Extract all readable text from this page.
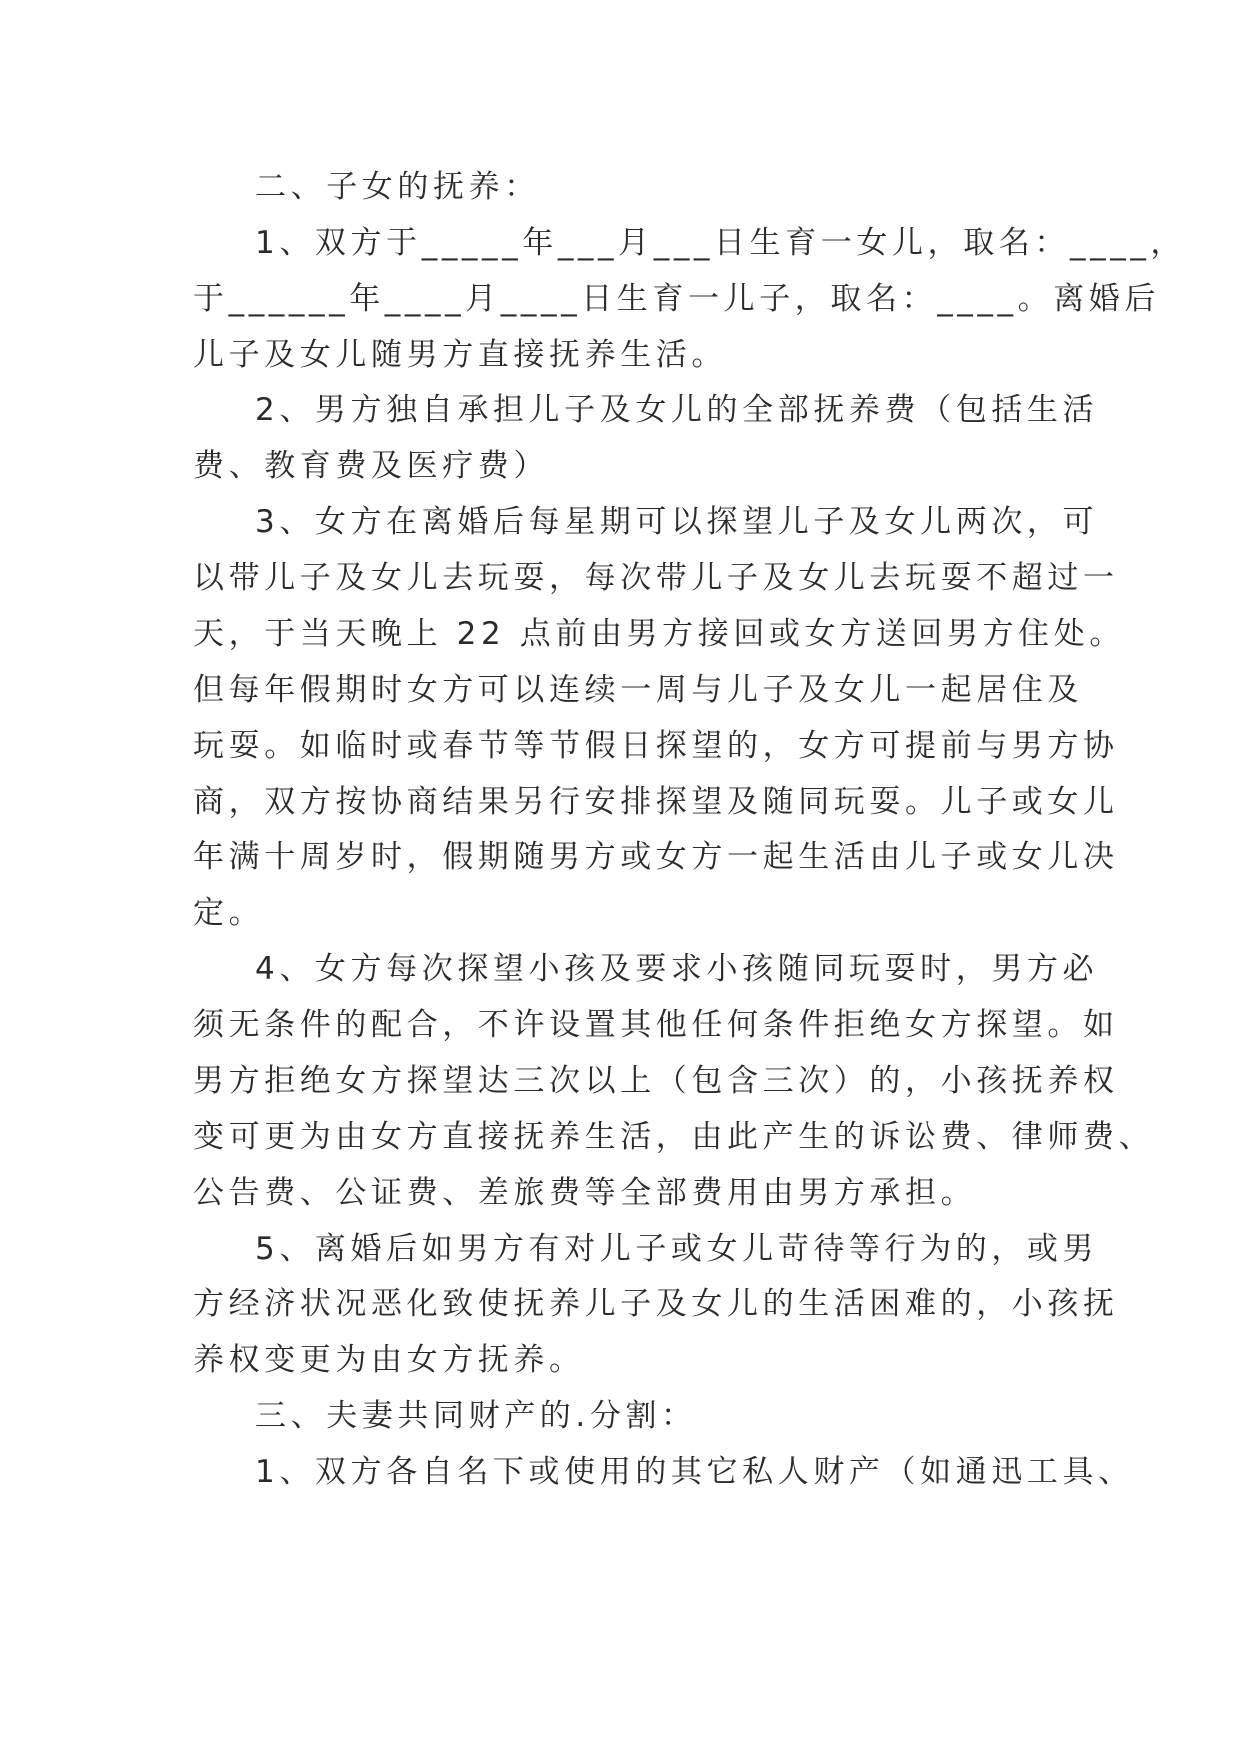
二、子女的抚养：

1、双方于_____年___月___日生育一女儿，取名：____，

于______年____月____日生育一儿子，取名：____。离婚后

儿子及女儿随男方直接抚养生活。

2、男方独自承担儿子及女儿的全部抚养费（包括生活

费、教育费及医疗费）

3、女方在离婚后每星期可以探望儿子及女儿两次，可

以带儿子及女儿去玩耍，每次带儿子及女儿去玩耍不超过一

天，于当天晚上 22 点前由男方接回或女方送回男方住处。

但每年假期时女方可以连续一周与儿子及女儿一起居住及

玩耍。如临时或春节等节假日探望的，女方可提前与男方协

商，双方按协商结果另行安排探望及随同玩耍。儿子或女儿

年满十周岁时，假期随男方或女方一起生活由儿子或女儿决

定。

4、女方每次探望小孩及要求小孩随同玩耍时，男方必

须无条件的配合，不许设置其他任何条件拒绝女方探望。如

男方拒绝女方探望达三次以上（包含三次）的，小孩抚养权

变可更为由女方直接抚养生活，由此产生的诉讼费、律师费、

公告费、公证费、差旅费等全部费用由男方承担。

5、离婚后如男方有对儿子或女儿苛待等行为的，或男

方经济状况恶化致使抚养儿子及女儿的生活困难的，小孩抚

养权变更为由女方抚养。

三、夫妻共同财产的.分割：

1、双方各自名下或使用的其它私人财产（如通迅工具、
